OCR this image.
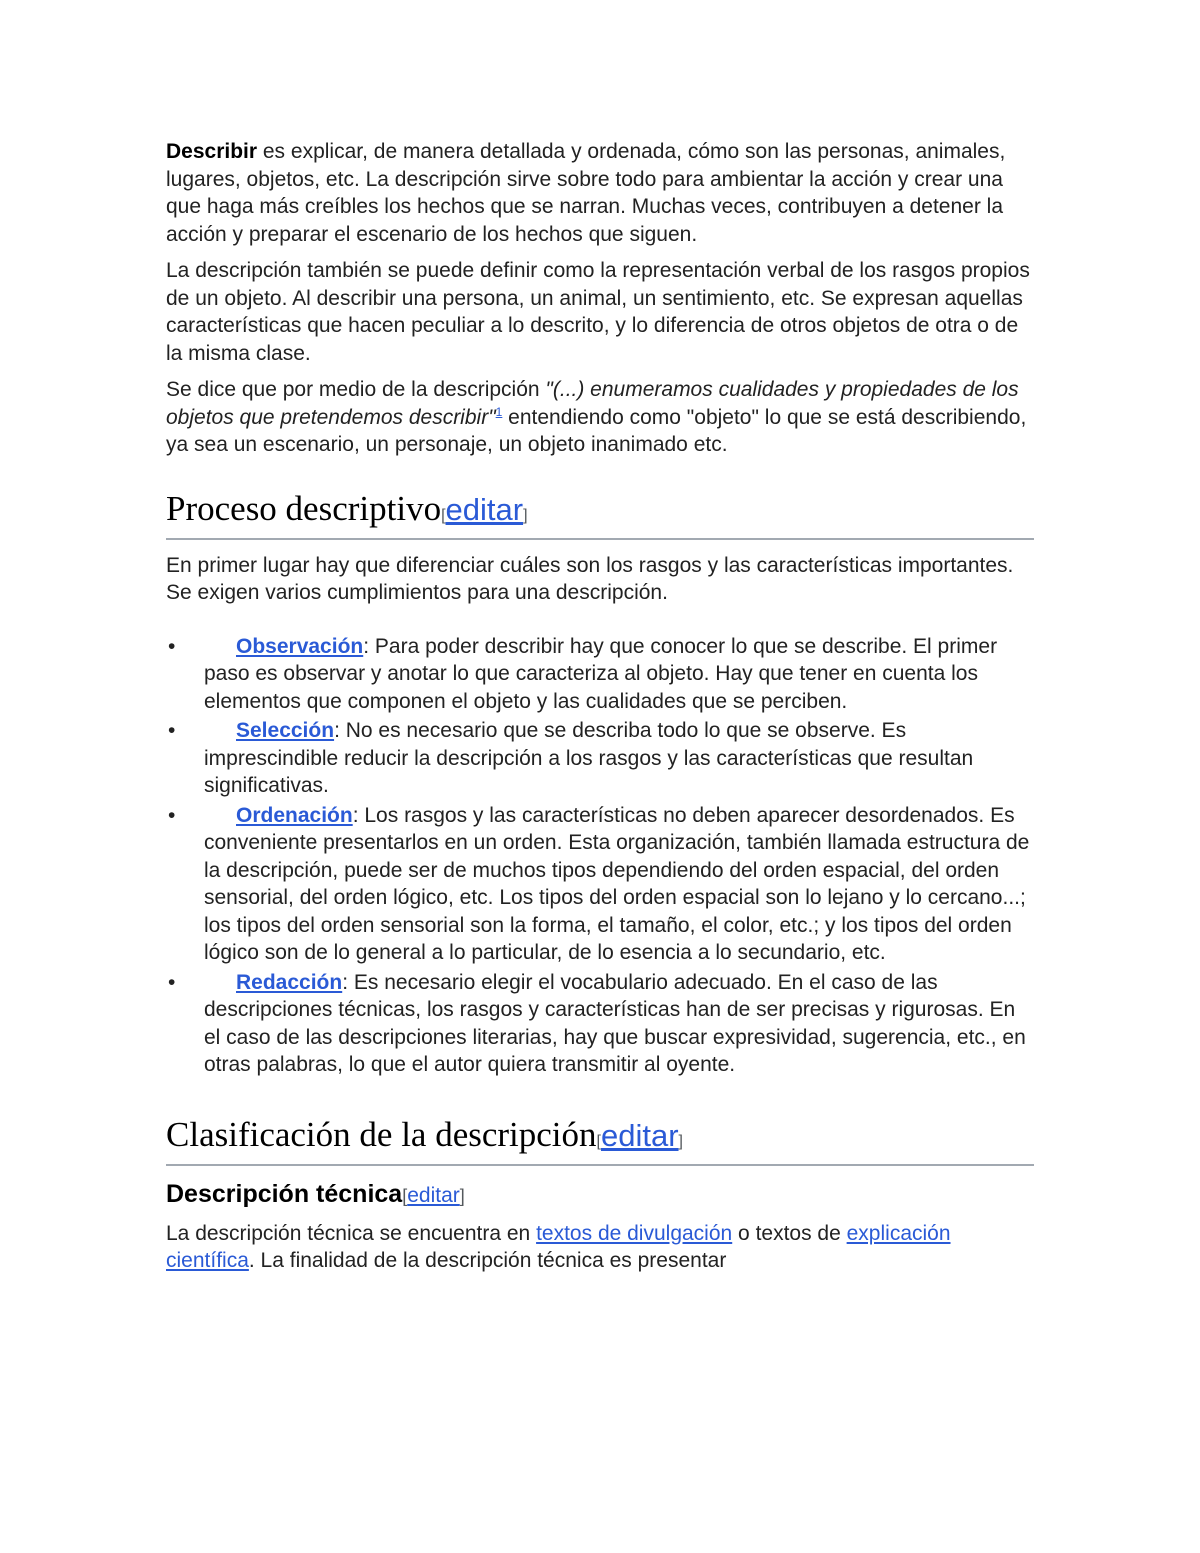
Describir es explicar, de manera detallada y ordenada, cómo son las personas, animales, lugares, objetos, etc. La descripción sirve sobre todo para ambientar la acción y crear una que haga más creíbles los hechos que se narran. Muchas veces, contribuyen a detener la acción y preparar el escenario de los hechos que siguen.

La descripción también se puede definir como la representación verbal de los rasgos propios de un objeto. Al describir una persona, un animal, un sentimiento, etc. Se expresan aquellas características que hacen peculiar a lo descrito, y lo diferencia de otros objetos de otra o de la misma clase.

Se dice que por medio de la descripción "(...) enumeramos cualidades y propiedades de los objetos que pretendemos describir"$^1$ entendiendo como "objeto" lo que se está describiendo, ya sea un escenario, un personaje, un objeto inanimado etc.

Proceso descriptivo[editar]

En primer lugar hay que diferenciar cuáles son los rasgos y las características importantes. Se exigen varios cumplimientos para una descripción.

•	Observación: Para poder describir hay que conocer lo que se describe. El primer paso es observar y anotar lo que caracteriza al objeto. Hay que tener en cuenta los elementos que componen el objeto y las cualidades que se perciben.
•	Selección: No es necesario que se describa todo lo que se observe. Es imprescindible reducir la descripción a los rasgos y las características que resultan significativas.
•	Ordenación: Los rasgos y las características no deben aparecer desordenados. Es conveniente presentarlos en un orden. Esta organización, también llamada estructura de la descripción, puede ser de muchos tipos dependiendo del orden espacial, del orden sensorial, del orden lógico, etc. Los tipos del orden espacial son lo lejano y lo cercano...; los tipos del orden sensorial son la forma, el tamaño, el color, etc.; y los tipos del orden lógico son de lo general a lo particular, de lo esencia a lo secundario, etc.
•	Redacción: Es necesario elegir el vocabulario adecuado. En el caso de las descripciones técnicas, los rasgos y características han de ser precisas y rigurosas. En el caso de las descripciones literarias, hay que buscar expresividad, sugerencia, etc., en otras palabras, lo que el autor quiera transmitir al oyente.
Clasificación de la descripción[editar]
Descripción técnica[editar]

La descripción técnica se encuentra en textos de divulgación o textos de explicación científica. La finalidad de la descripción técnica es presentar
